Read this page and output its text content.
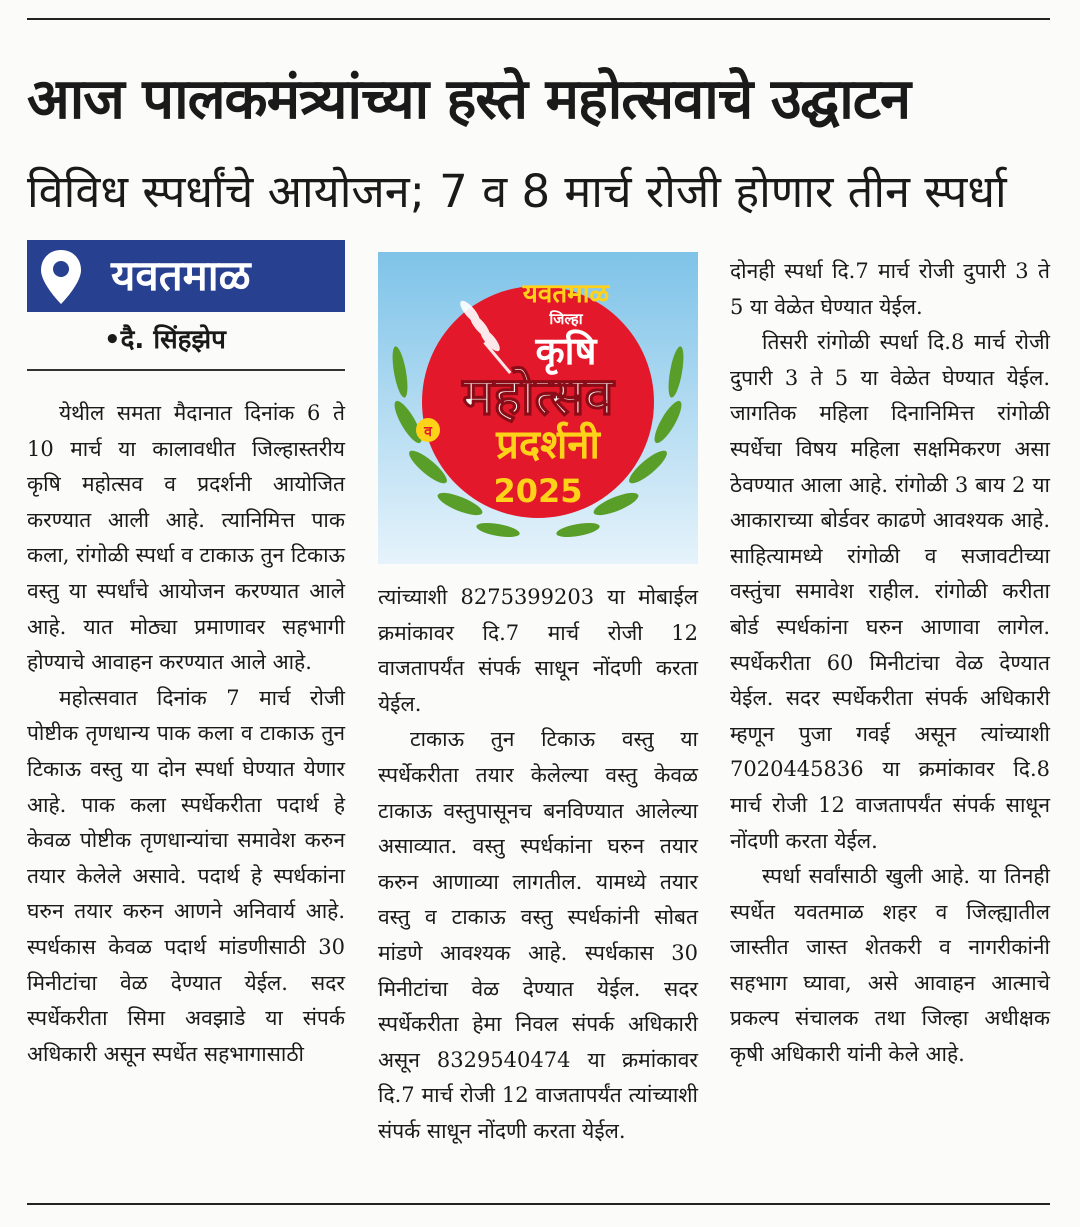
आज पालकमंत्र्यांच्या हस्ते महोत्सवाचे उद्घाटन
विविध स्पर्धांचे आयोजन; 7 व 8 मार्च रोजी होणार तीन स्पर्धा
यवतमाळ
•दै. सिंहझेप

येथील समता मैदानात दिनांक 6 ते 10 मार्च या कालावधीत जिल्हास्तरीय कृषि महोत्सव व प्रदर्शनी आयोजित करण्यात आली आहे. त्यानिमित्त पाक कला, रांगोळी स्पर्धा व टाकाऊ तुन टिकाऊ वस्तु या स्पर्धांचे आयोजन करण्यात आले आहे. यात मोठ्या प्रमाणावर सहभागी होण्याचे आवाहन करण्यात आले आहे.

महोत्सवात दिनांक 7 मार्च रोजी पोष्टीक तृणधान्य पाक कला व टाकाऊ तुन टिकाऊ वस्तु या दोन स्पर्धा घेण्यात येणार आहे. पाक कला स्पर्धेकरीता पदार्थ हे केवळ पोष्टीक तृणधान्यांचा समावेश करुन तयार केलेले असावे. पदार्थ हे स्पर्धकांना घरुन तयार करुन आणने अनिवार्य आहे. स्पर्धकास केवळ पदार्थ मांडणीसाठी 30 मिनीटांचा वेळ देण्यात येईल. सदर स्पर्धेकरीता सिमा अवझाडे या संपर्क अधिकारी असून स्पर्धेत सहभागासाठी

यवतमाळ
जिल्हा
कृषि
महोत्सव
व प्रदर्शनी
2025

त्यांच्याशी 8275399203 या मोबाईल क्रमांकावर दि.7 मार्च रोजी 12 वाजतापर्यंत संपर्क साधून नोंदणी करता येईल.

टाकाऊ तुन टिकाऊ वस्तु या स्पर्धेकरीता तयार केलेल्या वस्तु केवळ टाकाऊ वस्तुपासूनच बनविण्यात आलेल्या असाव्यात. वस्तु स्पर्धकांना घरुन तयार करुन आणाव्या लागतील. यामध्ये तयार वस्तु व टाकाऊ वस्तु स्पर्धकांनी सोबत मांडणे आवश्यक आहे. स्पर्धकास 30 मिनीटांचा वेळ देण्यात येईल. सदर स्पर्धेकरीता हेमा निवल संपर्क अधिकारी असून 8329540474 या क्रमांकावर दि.7 मार्च रोजी 12 वाजतापर्यंत त्यांच्याशी संपर्क साधून नोंदणी करता येईल.

दोनही स्पर्धा दि.7 मार्च रोजी दुपारी 3 ते 5 या वेळेत घेण्यात येईल.

तिसरी रांगोळी स्पर्धा दि.8 मार्च रोजी दुपारी 3 ते 5 या वेळेत घेण्यात येईल. जागतिक महिला दिनानिमित्त रांगोळी स्पर्धेचा विषय महिला सक्षमिकरण असा ठेवण्यात आला आहे. रांगोळी 3 बाय 2 या आकाराच्या बोर्डवर काढणे आवश्यक आहे. साहित्यामध्ये रांगोळी व सजावटीच्या वस्तुंचा समावेश राहील. रांगोळी करीता बोर्ड स्पर्धकांना घरुन आणावा लागेल. स्पर्धेकरीता 60 मिनीटांचा वेळ देण्यात येईल. सदर स्पर्धेकरीता संपर्क अधिकारी म्हणून पुजा गवई असून त्यांच्याशी 7020445836 या क्रमांकावर दि.8 मार्च रोजी 12 वाजतापर्यंत संपर्क साधून नोंदणी करता येईल.

स्पर्धा सर्वांसाठी खुली आहे. या तिनही स्पर्धेत यवतमाळ शहर व जिल्ह्यातील जास्तीत जास्त शेतकरी व नागरीकांनी सहभाग घ्यावा, असे आवाहन आत्माचे प्रकल्प संचालक तथा जिल्हा अधीक्षक कृषी अधिकारी यांनी केले आहे.
